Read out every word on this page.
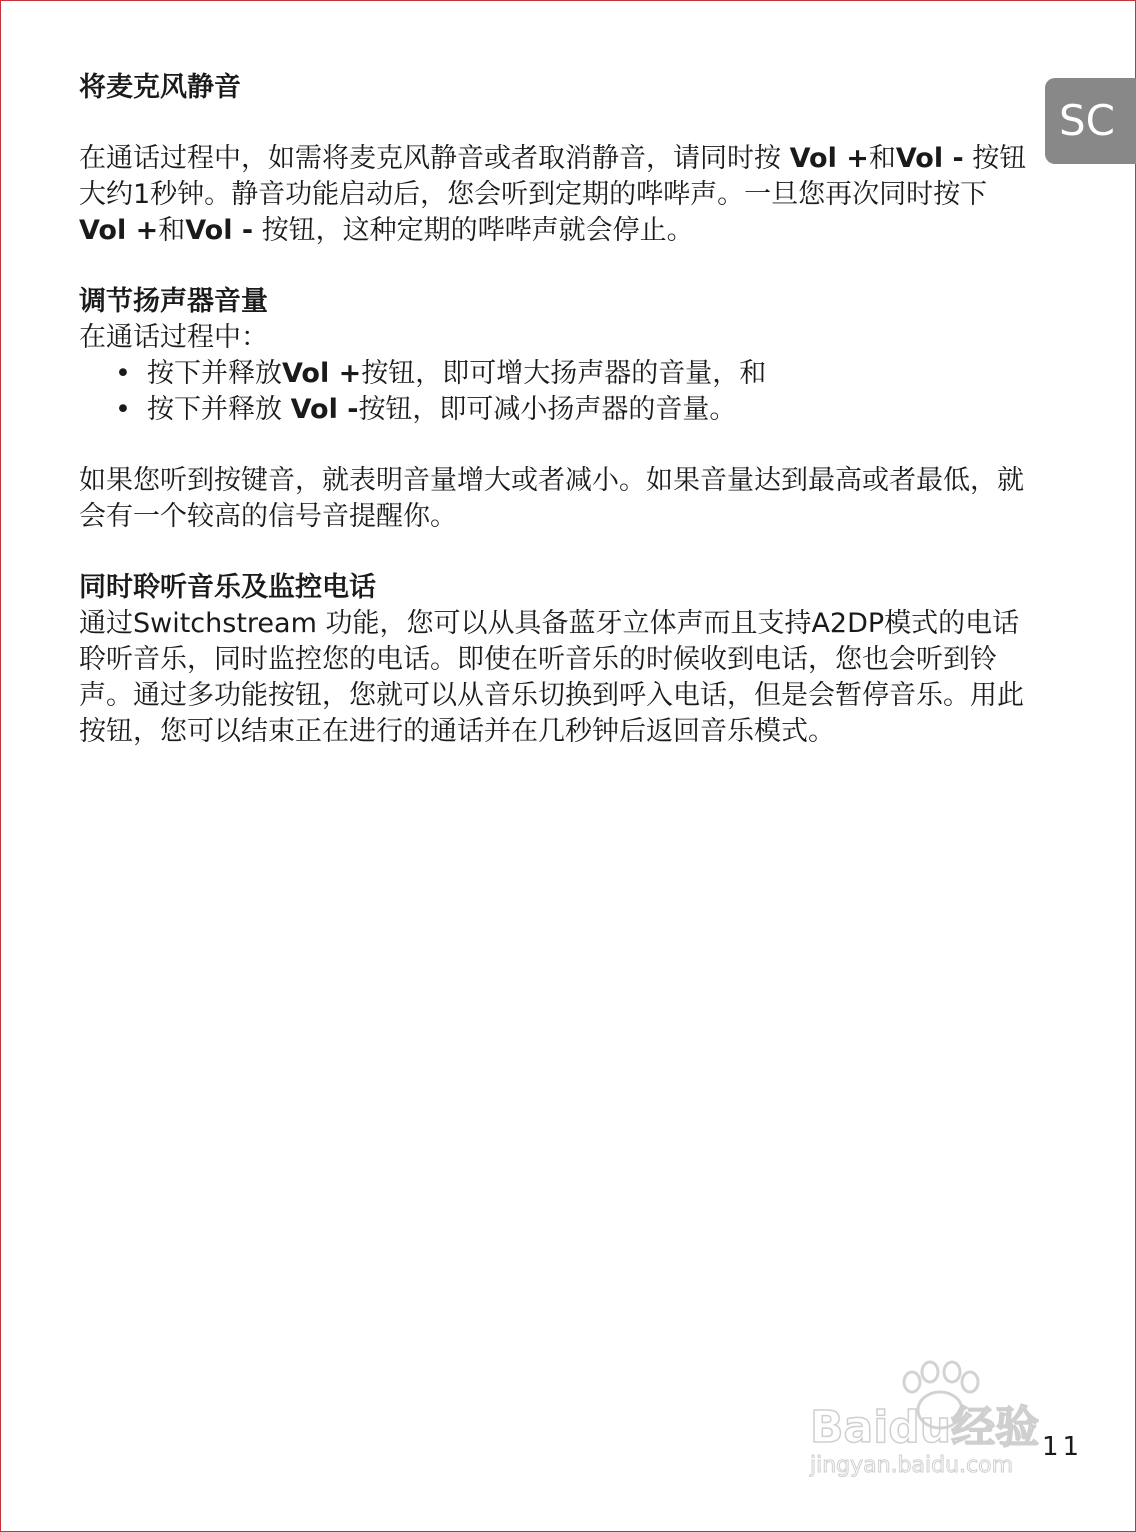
SC

将麦克风静音

在通话过程中，如需将麦克风静音或者取消静音，请同时按 Vol +和Vol - 按钮大约1秒钟。静音功能启动后，您会听到定期的哔哔声。一旦您再次同时按下 Vol +和Vol - 按钮，这种定期的哔哔声就会停止。

调节扬声器音量

在通话过程中：

• 按下并释放Vol +按钮，即可增大扬声器的音量，和
• 按下并释放 Vol -按钮，即可减小扬声器的音量。

如果您听到按键音，就表明音量增大或者减小。如果音量达到最高或者最低，就会有一个较高的信号音提醒你。

同时聆听音乐及监控电话

通过Switchstream 功能，您可以从具备蓝牙立体声而且支持A2DP模式的电话聆听音乐，同时监控您的电话。即使在听音乐的时候收到电话，您也会听到铃声。通过多功能按钮，您就可以从音乐切换到呼入电话，但是会暂停音乐。用此按钮，您可以结束正在进行的通话并在几秒钟后返回音乐模式。

Baidu经验
jingyan.baidu.com
11
